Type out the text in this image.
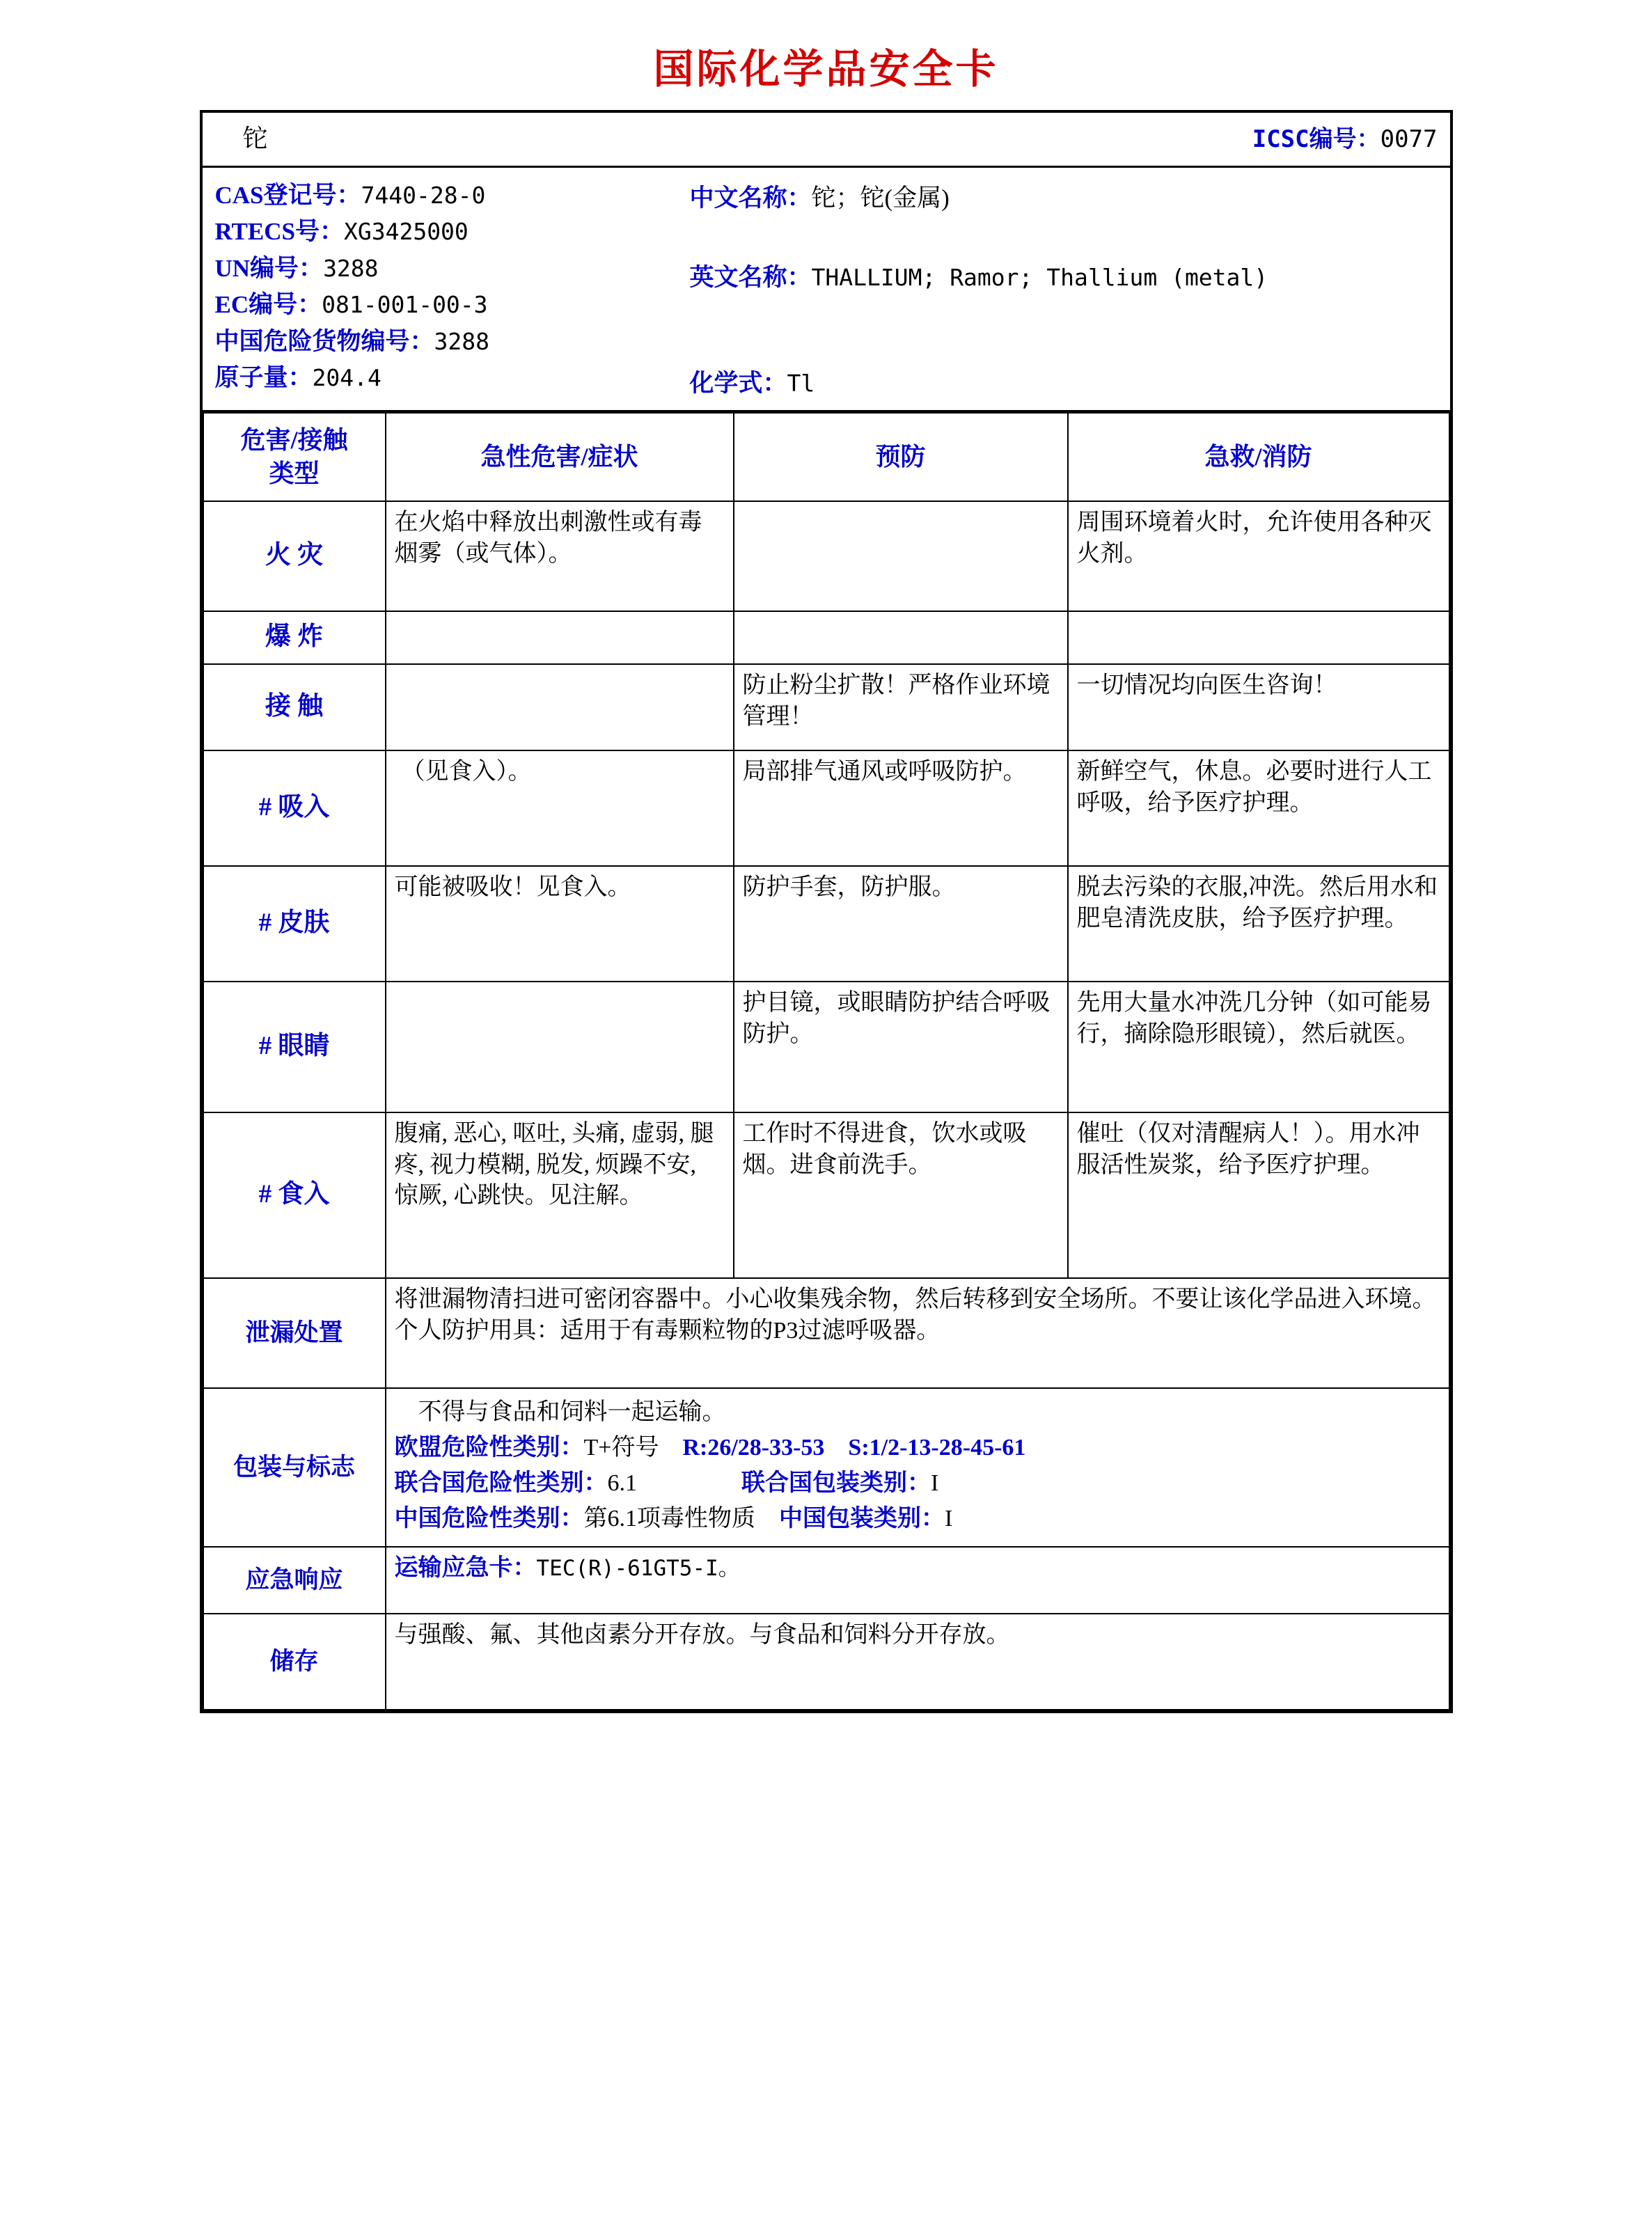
国际化学品安全卡
铊	ICSC编号：0077
CAS登记号：7440-28-0
RTECS号：XG3425000
UN编号：3288
EC编号：081-001-00-3
中国危险货物编号：3288
原子量：204.4
中文名称：铊；铊(金属)
英文名称：THALLIUM; Ramor; Thallium (metal)
化学式：Tl
危害/接触
类型	急性危害/症状	预防	急救/消防
火 灾	在火焰中释放出刺激性或有毒烟雾（或气体）。		周围环境着火时，允许使用各种灭火剂。
爆 炸			
接 触		防止粉尘扩散！严格作业环境管理！	一切情况均向医生咨询！
# 吸入	（见食入）。	局部排气通风或呼吸防护。	新鲜空气，休息。必要时进行人工呼吸，给予医疗护理。
# 皮肤	可能被吸收！见食入。	防护手套，防护服。	脱去污染的衣服,冲洗。然后用水和肥皂清洗皮肤，给予医疗护理。
# 眼睛		护目镜，或眼睛防护结合呼吸防护。	先用大量水冲洗几分钟（如可能易行，摘除隐形眼镜），然后就医。
# 食入	腹痛, 恶心, 呕吐, 头痛, 虚弱, 腿疼, 视力模糊, 脱发, 烦躁不安, 惊厥, 心跳快。见注解。	工作时不得进食，饮水或吸烟。进食前洗手。	催吐（仅对清醒病人！）。用水冲服活性炭浆，给予医疗护理。
泄漏处置	将泄漏物清扫进可密闭容器中。小心收集残余物，然后转移到安全场所。不要让该化学品进入环境。个人防护用具：适用于有毒颗粒物的P3过滤呼吸器。		
包装与标志	不得与食品和饲料一起运输。
欧盟危险性类别：T+符号 R:26/28-33-53 S:1/2-13-28-45-61
联合国危险性类别：6.1 联合国包装类别：I
中国危险性类别：第6.1项毒性物质 中国包装类别：I		

应急响应	运输应急卡：TEC(R)-61GT5-I。		
储存	与强酸、氟、其他卤素分开存放。与食品和饲料分开存放。		
